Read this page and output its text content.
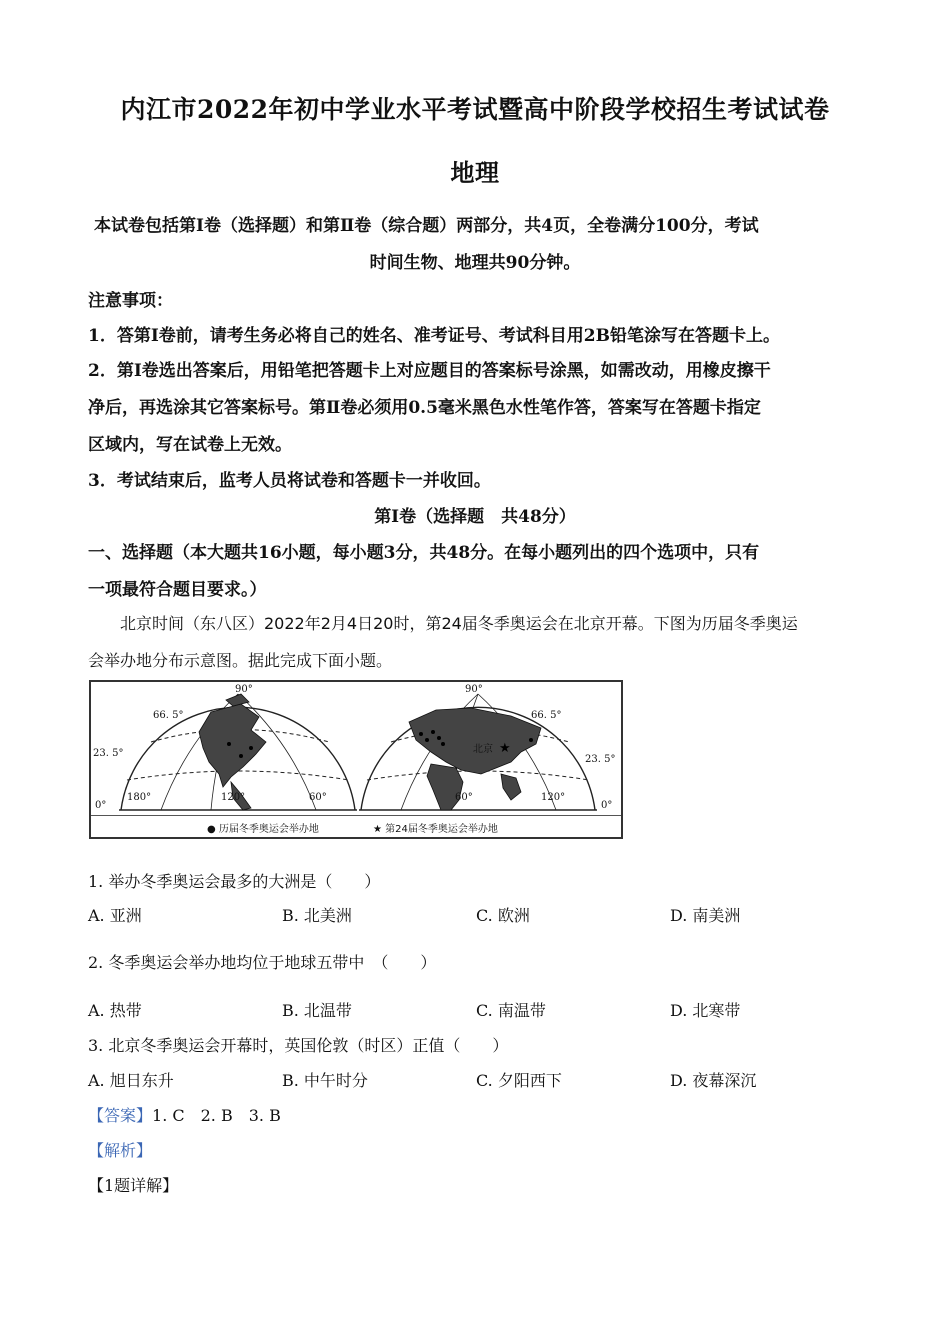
内江市2022年初中学业水平考试暨高中阶段学校招生考试试卷
地理
本试卷包括第Ⅰ卷（选择题）和第Ⅱ卷（综合题）两部分，共4页，全卷满分100分，考试
时间生物、地理共90分钟。
注意事项：
1．答第Ⅰ卷前，请考生务必将自己的姓名、准考证号、考试科目用2B铅笔涂写在答题卡上。
2．第Ⅰ卷选出答案后，用铅笔把答题卡上对应题目的答案标号涂黑，如需改动，用橡皮擦干
净后，再选涂其它答案标号。第Ⅱ卷必须用0.5毫米黑色水性笔作答，答案写在答题卡指定
区域内，写在试卷上无效。
3．考试结束后，监考人员将试卷和答题卡一并收回。
第Ⅰ卷（选择题　共48分）
一、选择题（本大题共16小题，每小题3分，共48分。在每小题列出的四个选项中，只有
一项最符合题目要求。）
北京时间（东八区）2022年2月4日20时，第24届冬季奥运会在北京开幕。下图为历届冬季奥运
会举办地分布示意图。据此完成下面小题。
★
66. 5°
90°
23. 5°
0°
180°	120°	60°
90°
66. 5°
23. 5°
0°
60°	120°
北京
● 历届冬季奥运会举办地	★ 第24届冬季奥运会举办地
1. 举办冬季奥运会最多的大洲是（　　）
A. 亚洲	B. 北美洲	C. 欧洲	D. 南美洲
2. 冬季奥运会举办地均位于地球五带中　（　　）
A. 热带	B. 北温带	C. 南温带	D. 北寒带
3. 北京冬季奥运会开幕时，英国伦敦（时区）正值（　　）
A. 旭日东升	B. 中午时分	C. 夕阳西下	D. 夜幕深沉
【答案】1. C　2. B　3. B
【解析】
【1题详解】
